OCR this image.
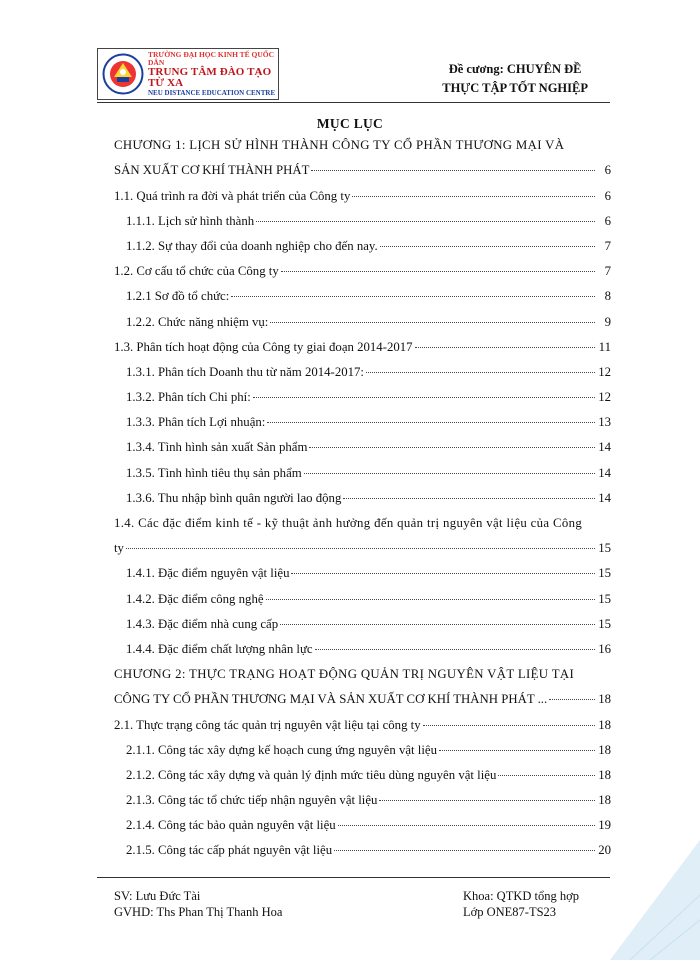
TRƯỜNG ĐẠI HỌC KINH TẾ QUỐC DÂN
TRUNG TÂM ĐÀO TẠO TỪ XA
NEU DISTANCE EDUCATION CENTRE
Đề cương: CHUYÊN ĐỀ
THỰC TẬP TỐT NGHIỆP
MỤC LỤC
CHƯƠNG 1: LỊCH SỬ HÌNH THÀNH CÔNG TY CỔ PHẦN THƯƠNG MẠI VÀ
SẢN XUẤT CƠ KHÍ THÀNH PHÁT	6
1.1. Quá trình ra đời và phát triển của Công ty	6
1.1.1. Lịch sử hình thành	6
1.1.2. Sự thay đổi của doanh nghiệp cho đến nay.	7
1.2. Cơ cấu tổ chức của Công ty	7
1.2.1 Sơ đồ tổ chức:	8
1.2.2. Chức năng nhiệm vụ:	9
1.3. Phân tích hoạt động của Công ty giai đoạn 2014-2017	11
1.3.1. Phân tích Doanh thu từ năm 2014-2017:	12
1.3.2. Phân tích Chi phí:	12
1.3.3. Phân tích Lợi nhuận:	13
1.3.4. Tình hình sản xuất Sản phẩm	14
1.3.5. Tình hình tiêu thụ sản phẩm	14
1.3.6. Thu nhập bình quân người lao động	14
1.4. Các đặc điểm kinh tế - kỹ thuật ảnh hưởng đến quản trị nguyên vật liệu của Công
ty	15
1.4.1. Đặc điểm nguyên vật liệu	15
1.4.2. Đặc điểm công nghệ	15
1.4.3. Đặc điểm nhà cung cấp	15
1.4.4. Đặc điểm chất lượng nhân lực	16
CHƯƠNG 2: THỰC TRẠNG HOẠT ĐỘNG QUẢN TRỊ NGUYÊN VẬT LIỆU TẠI
CÔNG TY CỔ PHẦN THƯƠNG MẠI VÀ SẢN XUẤT CƠ KHÍ THÀNH PHÁT ...	18
2.1. Thực trạng công tác quản trị nguyên vật liệu tại công ty	18
2.1.1. Công tác xây dựng kế hoạch cung ứng nguyên vật liệu	18
2.1.2. Công tác xây dựng và quản lý định mức tiêu dùng nguyên vật liệu	18
2.1.3. Công tác tổ chức tiếp nhận nguyên vật liệu	18
2.1.4. Công tác bảo quản nguyên vật liệu	19
2.1.5. Công tác cấp phát nguyên vật liệu	20
SV: Lưu Đức Tài
GVHD: Ths Phan Thị Thanh Hoa
Khoa: QTKD tổng hợp
Lớp ONE87-TS23
